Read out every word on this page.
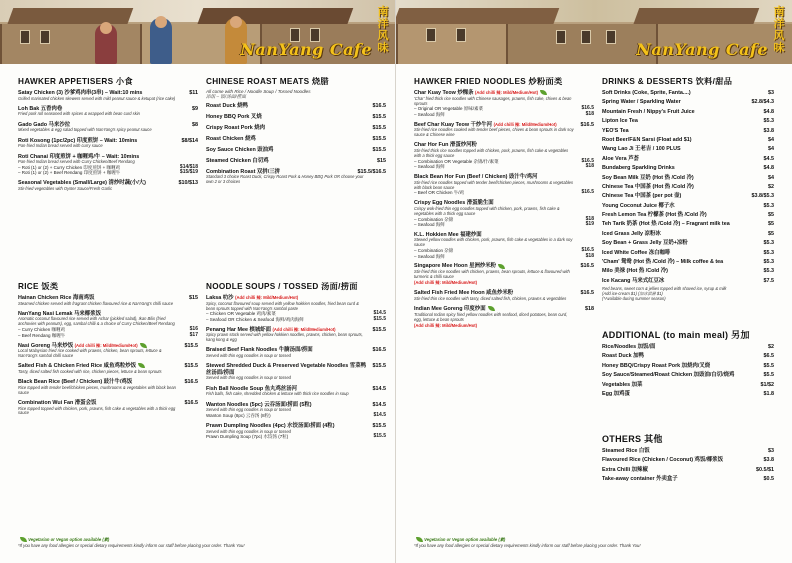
NanYang Cafe
南洋风味
HAWKER APPETISERS 小食
Satay Chicken (3) 沙爹鸡肉串(3串) – Wait:10 mins	$11
Grilled marinated chicken skewers served with mild peanut sauce & ketupat (rice cake)
Loh Bak 五香肉卷	$9
Fried pork roll seasoned with spices & wrapped with bean curd skin
Gado Gado 马来沙拉	$8
Mixed vegetables & egg salad topped with NanYang's spicy peanut sauce
Roti Kosong (1pc/2pc) 印度煎饼 – Wait: 10mins	$8/$14
Pan-fried Indian bread served with curry sauce
Roti Chanai 印度煎饼 + 咖喱鸡/牛 – Wait: 10mins
Pan-fried Indian bread served with Curry Chicken/Beef Rendang
– Roti (1) or (2) + Curry Chicken 印度煎饼 + 咖喱鸡	$14/$18
– Roti (1) or (2) + Beef Rendang 印度煎饼 + 咖喱牛	$15/$19
Seasonal Vegetables (Small/Large) 清炒时蔬(小/大)	$10/$13
Stir-fried vegetables with Oyster Sauce/Fresh Garlic
CHINESE ROAST MEATS 烧腊
All come with Rice / Noodle Soup / Tossed Noodles
添饭 – 饭/汤面/捞面
Roast Duck 烧鸭	$16.5
Honey BBQ Pork 叉烧	$15.5
Crispy Roast Pork 烧肉	$15.5
Roast Chicken 烧鸡	$15.5
Soy Sauce Chicken 豉油鸡	$15.5
Steamed Chicken 白切鸡	$15
Combination Roast 双拼/三拼	$15.5/$16.5
Standard 3 choice Roast Duck, Crispy Roast Pork & Honey BBQ Pork OR choose your own 2 or 3 choices
RICE 饭类
Hainan Chicken Rice 海南鸡饭	$15
Steamed chicken served with fragrant chicken flavoured rice & NanYang's chilli sauce
NanYang Nasi Lemak 马来椰浆饭
Aromatic coconut flavoured rice served with Achar (pickled salad), Ikan Bilis (fried anchovies with peanuts), egg, sambal chilli & a choice of Curry Chicken/Beef Rendang
– Curry Chicken 咖喱鸡	$16
– Beef Rendang 咖喱牛	$17
Nasi Goreng 马来炒饭 (Add chilli 辣: Mild/Medium/Hot)	$15.5
Local Malaysian fried rice cooked with prawns, chicken, bean sprouts, lettuce & NanYang's sambal chilli sauce
Salted Fish & Chicken Fried Rice 咸鱼鸡粒炒饭	$15.5
Tasty, diced salted fish cooked with rice, chicken pieces, lettuce & bean sprouts
Black Bean Rice (Beef / Chicken) 豉汁牛/鸡饭	$16.5
Rice topped with tender beef/chicken pieces, mushrooms & vegetables with black bean sauce
Combination Wui Fan 滑蛋会饭	$16.5
Rice topped topped with chicken, pork, prawns, fish cake & vegetables with a thick egg sauce
NOODLE SOUPS / TOSSED 汤面/捞面
Laksa 叻沙 (Add chilli 辣: Mild/Medium/Hot)
Spicy, coconut flavoured soup served with yellow hokkien noodles, fried bean curd & bean sprouts topped with NanYang's sambal paste
– Chicken OR Vegetable 鸡肉/素菜	$14.5
– Seafood OR Chicken & Seafood 海鲜/鸡肉海鲜	$15.5
Penang Har Mee 槟城虾面 (Add chilli 辣: Mild/Medium/Hot)	$15.5
Spicy prawn stock served with yellow hokkien noodles, prawns, chicken, bean sprouts, kang kong & egg
Braised Beef Flank Noodles 牛腩汤面/捞面	$16.5
Served with thin egg noodles in soup or tossed
Stewed Shredded Duck & Preserved Vegetable Noodles 雪菜鸭丝汤面/捞面
$15.5
Served with thin egg noodles in soup or tossed
Fish Ball Noodle Soup 鱼丸鸡丝汤河	$14.5
Fish balls, fish cake, shredded chicken & lettuce with thick rice noodles in soup
Wanton Noodles (5pc) 云吞汤面/捞面 (5粒)	$14.5
Served with thin egg noodles in soup or tossed
Wanton Soup (8pc) 云吞汤 (8粒)	$14.5
Prawn Dumpling Noodles (4pc) 水饺汤面/捞面 (4粒)	$15.5
Served with thin egg noodles in soup or tossed
Prawn Dumpling Soup (7pc) 水饺汤 (7粒)	$15.5
Vegetarian or Vegan option available (素)
*If you have any food allergies or special dietary requirements kindly inform our staff before placing your order. Thank You!
NanYang Cafe
南洋风味
HAWKER FRIED NOODLES 炒粉面类
Char Kuay Teow 炒粿条 (Add chilli 辣: Mild/Medium/Hot)
'Char' fried thick rice noodles with Chinese sausages, prawns, fish cake, chives & bean sprouts
– Original OR Vegetable 原味/素菜	$16.5
– Seafood 海鲜	$18
Beef Char Kuay Teow 干炒牛河 (Add chilli 辣: Mild/Medium/Hot)	$16.5
Stir-fried rice noodles cooked with tender beef pieces, chives & bean sprouts in dark soy sauce & Chinese wine
Char Hor Fun 滑蛋炒河粉
Stir-fried thick rice noodles topped with chicken, pork, prawns, fish cake & vegetables with a thick egg sauce
– Combination OR Vegetable 杂锦/什/素菜	$16.5
– Seafood 海鲜	$18
Black Bean Hor Fun (Beef / Chicken) 豉汁牛/鸡河
Stir-fried rice noodles topped with tender beef/chicken pieces, mushrooms & vegetables with black bean sauce
– Beef OR Chicken 牛/鸡	$16.5
Crispy Egg Noodles 滑蛋脆生面
Crispy wok-fried thin egg noodles topped with chicken, pork, prawns, fish cake & vegetables with a thick egg sauce
– Combination 杂锦	$18
– Seafood 海鲜	$19
K.L. Hokkien Mee 福建炒面
Stewed yellow noodles with chicken, pork, prawns, fish cake & vegetables in a dark soy sauce
– Combination 杂锦	$16.5
– Seafood 海鲜	$18
Singapore Mee Hoon 星洲炒米粉	$16.5
Stir-fried thin rice noodles with chicken, prawns, bean sprouts, lettuce & flavoured with turmeric & chilli sauce
(Add chilli 辣: Mild/Medium/Hot)
Salted Fish Fried Mee Hoon 咸鱼炒米粉	$16.5
Stir-fried thin rice noodles with tasty, diced salted fish, chicken, prawns & vegetables
Indian Mee Goreng 印度炒面	$18
Traditional Indian spicy fried yellow noodles with seafood, diced potatoes, bean curd, egg, lettuce & bean sprouts
(Add chilli 辣: Mild/Medium/Hot)
DRINKS & DESSERTS 饮料/甜品
Soft Drinks (Coke, Sprite, Fanta....)	$3
Spring Water / Sparkling Water	$2.8/$4.3
Mountain Fresh / Nippy's Fruit Juice	$4.8
Lipton Ice Tea	$5.3
YEO'S Tea	$3.8
Root Beer/F&N Sarsi (Float add $1)	$4
Wang Lao Ji 王老吉 / 100 PLUS	$4
Aloe Vera 芦荟	$4.5
Bundaberg Sparkling Drinks	$4.8
Soy Bean Milk 豆奶 (Hot 热 /Cold 冷)	$4
Chinese Tea 中国茶 (Hot 热 /Cold 冷)	$2
Chinese Tea 中国茶 (per pot 壶)	$3.8/$5.3
Young Coconut Juice 椰子水	$5.3
Fresh Lemon Tea 柠檬茶 (Hot 热 /Cold 冷)	$5
Teh Tarik 奶茶 (Hot 热 /Cold 冷) – Fragrant milk tea	$5
Iced Grass Jelly 凉粉冰	$5
Soy Bean + Grass Jelly 豆奶+凉粉	$5.3
Iced White Coffee 冻白咖啡	$5.3
'Cham' 鸳鸯 (Hot 热 /Cold 冷) – Milk coffee & tea	$5.3
Milo 美禄 (Hot 热 /Cold 冷)	$5.3
Ice Kacang 马来式红豆冰	$7.5
Red beans, sweet corn & jellies topped with shaved ice, syrup & milk
(Add ice-cream $1) (加冰淇淋 $1)
(*Available during summer season)
ADDITIONAL (to main meal) 另加
Rice/Noodles 加饭/面	$2
Roast Duck 加鸭	$6.5
Honey BBQ/Crispy Roast Pork 加烧肉/叉烧	$5.5
Soy Sauce/Steamed/Roast Chicken 加豉油/白切/烧鸡	$5.5
Vegetables 加菜	$1/$2
Egg 加鸡蛋	$1.8
OTHERS 其他
Steamed Rice 白饭	$3
Flavoured Rice (Chicken / Coconut) 鸡饭/椰浆饭	$3.8
Extra Chilli 加辣椒	$0.5/$1
Take-away container 外卖盒子	$0.5
Vegetarian or Vegan option available (素)
*If you have any food allergies or special dietary requirements kindly inform our staff before placing your order. Thank You!
